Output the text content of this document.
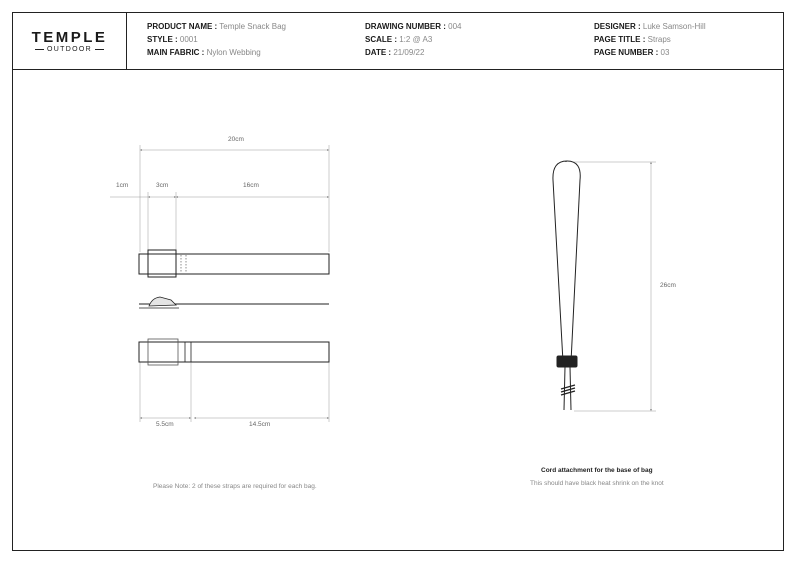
TEMPLE
OUTDOOR
PRODUCT NAME : Temple Snack Bag
STYLE : 0001
MAIN FABRIC : Nylon Webbing
DRAWING NUMBER : 004
SCALE : 1:2 @ A3
DATE : 21/09/22
DESIGNER : Luke Samson-Hill
PAGE TITLE : Straps
PAGE NUMBER : 03
20cm
1cm	3cm	16cm
5.5cm	14.5cm
26cm
Please Note: 2 of these straps are required for each bag.
Cord attachment for the base of bag
This should have black heat shrink on the knot
